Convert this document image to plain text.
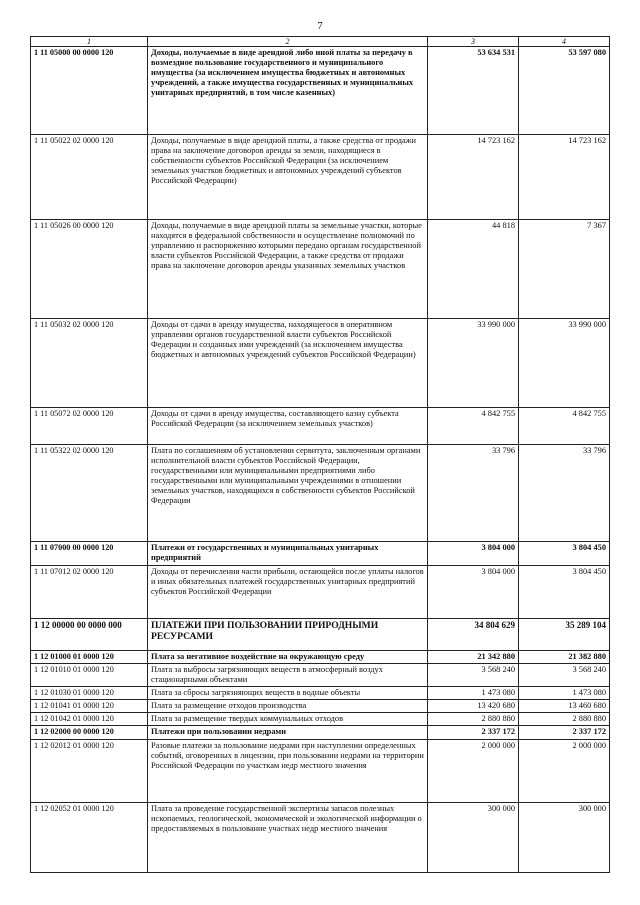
7
1	2	3	4
1 11 05000 00 0000 120	Доходы, получаемые в виде арендной либо иной платы за передачу в возмездное пользование государственного и муниципального имущества (за исключением имущества бюджетных и автономных учреждений, а также имущества государственных и муниципальных унитарных предприятий, в том числе казенных)	53 634 531	53 597 080
1 11 05022 02 0000 120	Доходы, получаемые в виде арендной платы, а также средства от продажи права на заключение договоров аренды за земли, находящиеся в собственности субъектов Российской Федерации (за исключением земельных участков бюджетных и автономных учреждений субъектов Российской Федерации)	14 723 162	14 723 162
1 11 05026 00 0000 120	Доходы, получаемые в виде арендной платы за земельные участки, которые находятся в федеральной собственности и осуществление полномочий по управлению и распоряжению которыми передано органам государственной власти субъектов Российской Федерации, а также средства от продажи права на заключение договоров аренды указанных земельных участков	44 818	7 367
1 11 05032 02 0000 120	Доходы от сдачи в аренду имущества, находящегося в оперативном управлении органов государственной власти субъектов Российской Федерации и созданных ими учреждений (за исключением имущества бюджетных и автономных учреждений субъектов Российской Федерации)	33 990 000	33 990 000
1 11 05072 02 0000 120	Доходы от сдачи в аренду имущества, составляющего казну субъекта Российской Федерации (за исключением земельных участков)	4 842 755	4 842 755
1 11 05322 02 0000 120	Плата по соглашениям об установлении сервитута, заключенным органами исполнительной власти субъектов Российской Федерации, государственными или муниципальными предприятиями либо государственными или муниципальными учреждениями в отношении земельных участков, находящихся в собственности субъектов Российской Федерации	33 796	33 796
1 11 07000 00 0000 120	Платежи от государственных и муниципальных унитарных предприятий	3 804 000	3 804 450
1 11 07012 02 0000 120	Доходы от перечисления части прибыли, остающейся после уплаты налогов и иных обязательных платежей государственных унитарных предприятий субъектов Российской Федерации	3 804 000	3 804 450
1 12 00000 00 0000 000	ПЛАТЕЖИ ПРИ ПОЛЬЗОВАНИИ ПРИРОДНЫМИ РЕСУРСАМИ	34 804 629	35 289 104
1 12 01000 01 0000 120	Плата за негативное воздействие на окружающую среду	21 342 880	21 382 880
1 12 01010 01 0000 120	Плата за выбросы загрязняющих веществ в атмосферный воздух стационарными объектами	3 568 240	3 568 240
1 12 01030 01 0000 120	Плата за сбросы загрязняющих веществ в водные объекты	1 473 080	1 473 080
1 12 01041 01 0000 120	Плата за размещение отходов производства	13 420 680	13 460 680
1 12 01042 01 0000 120	Плата за размещение твердых коммунальных отходов	2 880 880	2 880 880
1 12 02000 00 0000 120	Платежи при пользовании недрами	2 337 172	2 337 172
1 12 02012 01 0000 120	Разовые платежи за пользование недрами при наступлении определенных событий, оговоренных в лицензии, при пользовании недрами на территории Российской Федерации по участкам недр местного значения	2 000 000	2 000 000
1 12 02052 01 0000 120	Плата за проведение государственной экспертизы запасов полезных ископаемых, геологической, экономической и экологической информации о предоставляемых в пользование участках недр местного значения	300 000	300 000
